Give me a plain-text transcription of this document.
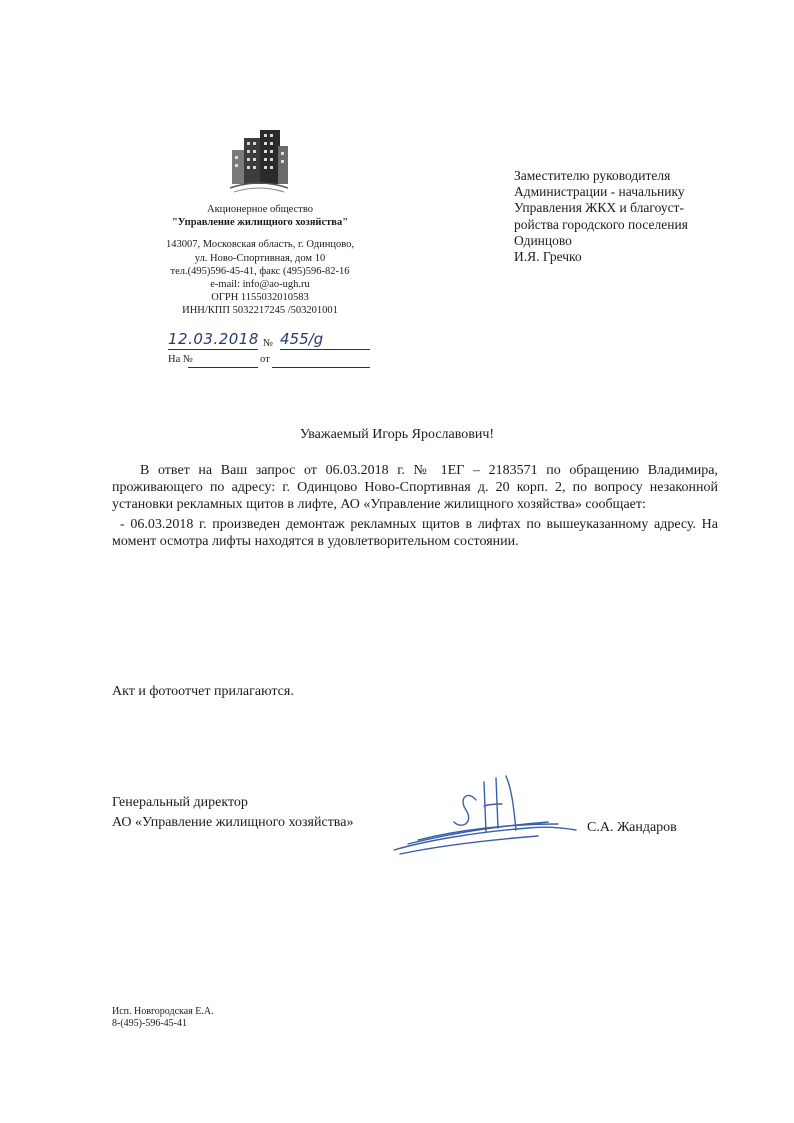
Акционерное общество
"Управление жилищного хозяйства"
143007, Московская область, г. Одинцово,
ул. Ново-Спортивная, дом 10
тел.(495)596-45-41, факс (495)596-82-16
e-mail: info@ao-ugh.ru
ОГРН 1155032010583
ИНН/КПП 5032217245 /503201001
12.03.2018 № 455/g
На №	от
Заместителю руководителя
Администрации - начальнику
Управления ЖКХ и благоуст-
ройства городского поселения
Одинцово
И.Я. Гречко
Уважаемый Игорь Ярославович!

В ответ на Ваш запрос от 06.03.2018 г. № 1ЕГ – 2183571 по обращению Владимира, проживающего по адресу: г. Одинцово Ново-Спортивная д. 20 корп. 2, по вопросу незаконной установки рекламных щитов в лифте, АО «Управление жилищного хозяйства» сообщает:

- 06.03.2018 г. произведен демонтаж рекламных щитов в лифтах по вышеуказанному адресу. На момент осмотра лифты находятся в удовлетворительном состоянии.

Акт и фотоотчет прилагаются.
Генеральный директор
АО «Управление жилищного хозяйства»	С.А. Жандаров
Исп. Новгородская Е.А.
8-(495)-596-45-41
